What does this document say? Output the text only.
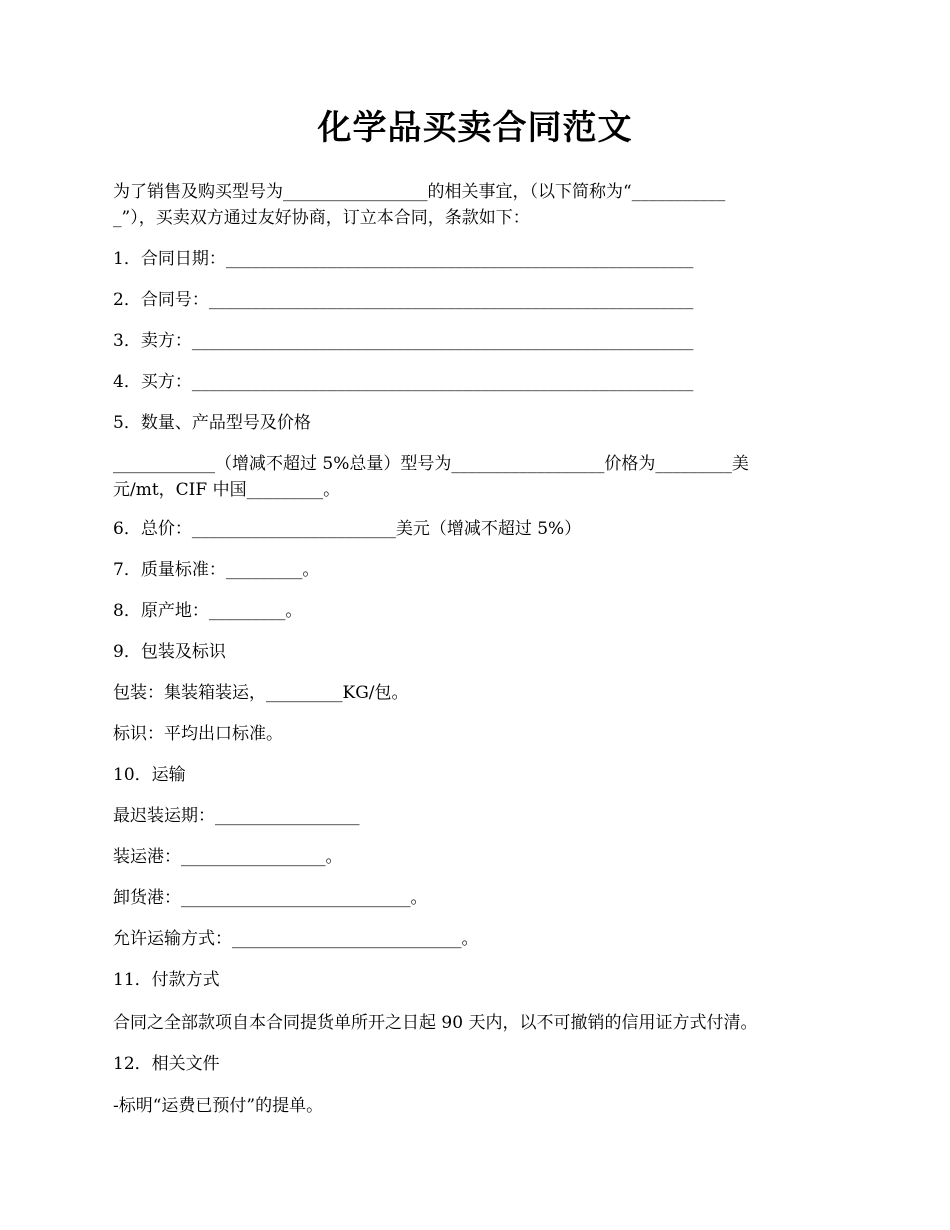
化学品买卖合同范文
为了销售及购买型号为_________________的相关事宜，（以下简称为“___________
_”），买卖双方通过友好协商，订立本合同，条款如下：
1．合同日期：_______________________________________________________
2．合同号：_________________________________________________________
3．卖方：___________________________________________________________
4．买方：___________________________________________________________
5．数量、产品型号及价格
____________（增减不超过 5%总量）型号为__________________价格为_________美
元/mt，CIF 中国_________。
6．总价：________________________美元（增减不超过 5%）
7．质量标准：_________。
8．原产地：_________。
9．包装及标识
包装：集装箱装运，_________KG/包。
标识：平均出口标准。
10．运输
最迟装运期：_________________
装运港：_________________。
卸货港：___________________________。
允许运输方式：___________________________。
11．付款方式
合同之全部款项自本合同提货单所开之日起 90 天内，以不可撤销的信用证方式付清。
12．相关文件
-标明“运费已预付”的提单。
